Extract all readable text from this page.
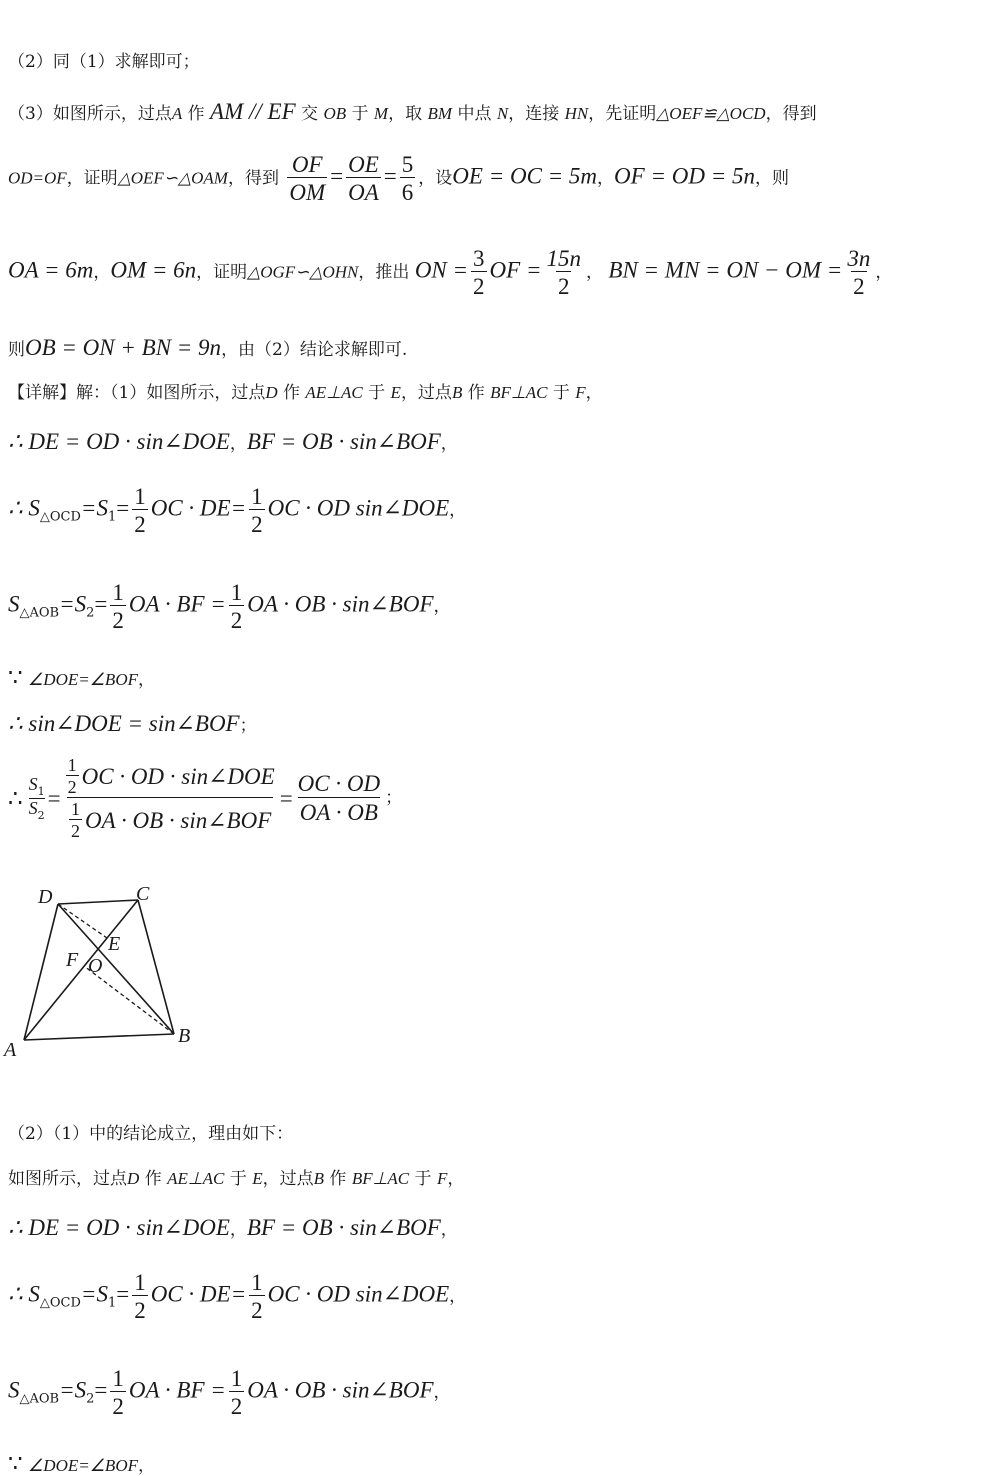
（2）同（1）求解即可；
（3）如图所示，过点A 作 AM // EF 交 OB 于 M，取 BM 中点 N，连接 HN，先证明△OEF≌△OCD，得到
OD=OF，证明△OEF∽△OAM，得到 $\frac{OF}{OM} = \frac{OE}{OA} = \frac{5}{6}$ ，设OE = OC = 5m，OF = OD = 5n，则
OA = 6m，OM = 6n，证明△OGF∽△OHN，推出 ON = $\frac{3}{2}$ OF = $\frac{15n}{2}$ ， BN = MN = ON − OM = $\frac{3n}{2}$ ，
则OB = ON + BN = 9n，由（2）结论求解即可.
【详解】解：（1）如图所示，过点D 作 AE⊥AC 于 E，过点B 作 BF⊥AC 于 F，
∴ DE = OD · sin∠DOE，BF = OB · sin∠BOF，
∴ $S_{\triangle OCD}=S_1= \frac{1}{2}$ OC · $DE= \frac{1}{2}$ OC · OD sin∠DOE，
$S_{\triangle AOB}=S_2= \frac{1}{2}$ OA · BF = $\frac{1}{2}$ OA · OB · sin∠BOF，
∵ ∠DOE=∠BOF，
∴ sin∠DOE = sin∠BOF；
∴ $\frac{S_1}{S_2} = \frac{\frac{1}{2} OC \cdot OD \cdot \sin\angle DOE}{\frac{1}{2} OA \cdot OB \cdot \sin\angle BOF} = \frac{OC \cdot OD}{OA \cdot OB}$ ；
D	C
E
F O
A
B
（2）（1）中的结论成立，理由如下：
如图所示，过点D 作 AE⊥AC 于 E，过点B 作 BF⊥AC 于 F，
∴ DE = OD · sin∠DOE，BF = OB · sin∠BOF，
∴ $S_{\triangle OCD}=S_1= \frac{1}{2}$ OC · $DE= \frac{1}{2}$ OC · OD sin∠DOE，
$S_{\triangle AOB}=S_2= \frac{1}{2}$ OA · BF = $\frac{1}{2}$ OA · OB · sin∠BOF，
∵ ∠DOE=∠BOF，
